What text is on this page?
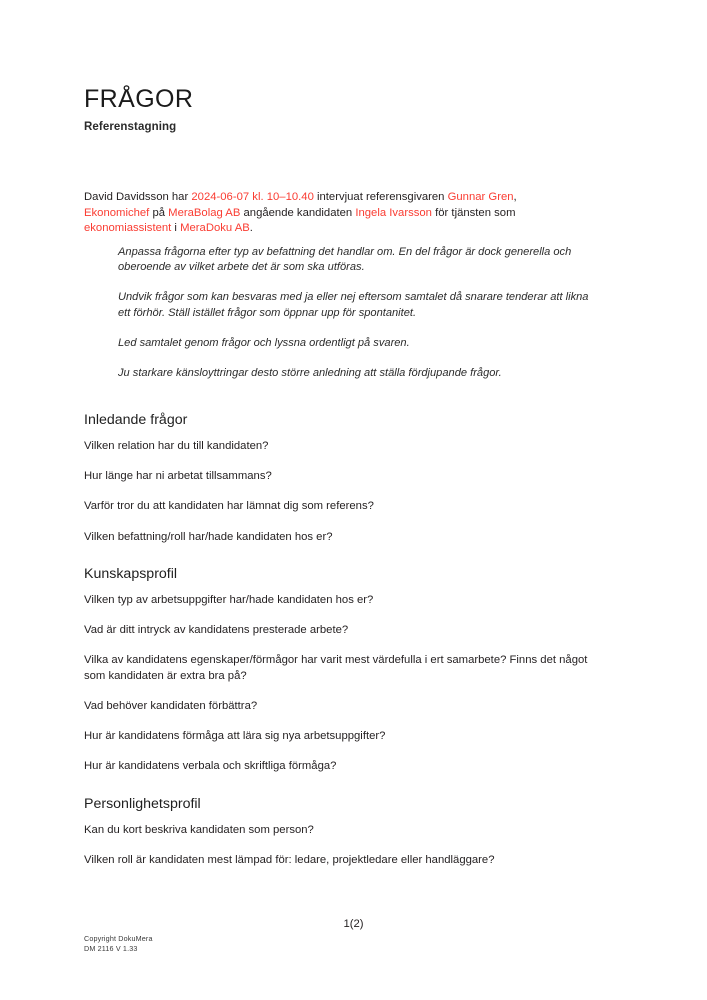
FRÅGOR
Referenstagning

David Davidsson har 2024-06-07 kl. 10–10.40 intervjuat referensgivaren Gunnar Gren, Ekonomichef på MeraBolag AB angående kandidaten Ingela Ivarsson för tjänsten som ekonomiassistent i MeraDoku AB.

Anpassa frågorna efter typ av befattning det handlar om. En del frågor är dock generella och oberoende av vilket arbete det är som ska utföras.

Undvik frågor som kan besvaras med ja eller nej eftersom samtalet då snarare tenderar att likna ett förhör. Ställ istället frågor som öppnar upp för spontanitet.

Led samtalet genom frågor och lyssna ordentligt på svaren.

Ju starkare känsloyttringar desto större anledning att ställa fördjupande frågor.

Inledande frågor

Vilken relation har du till kandidaten?

Hur länge har ni arbetat tillsammans?

Varför tror du att kandidaten har lämnat dig som referens?

Vilken befattning/roll har/hade kandidaten hos er?

Kunskapsprofil

Vilken typ av arbetsuppgifter har/hade kandidaten hos er?

Vad är ditt intryck av kandidatens presterade arbete?

Vilka av kandidatens egenskaper/förmågor har varit mest värdefulla i ert samarbete? Finns det något som kandidaten är extra bra på?

Vad behöver kandidaten förbättra?

Hur är kandidatens förmåga att lära sig nya arbetsuppgifter?

Hur är kandidatens verbala och skriftliga förmåga?

Personlighetsprofil

Kan du kort beskriva kandidaten som person?

Vilken roll är kandidaten mest lämpad för: ledare, projektledare eller handläggare?

1(2)
Copyright DokuMera
DM 2116 V 1.33
